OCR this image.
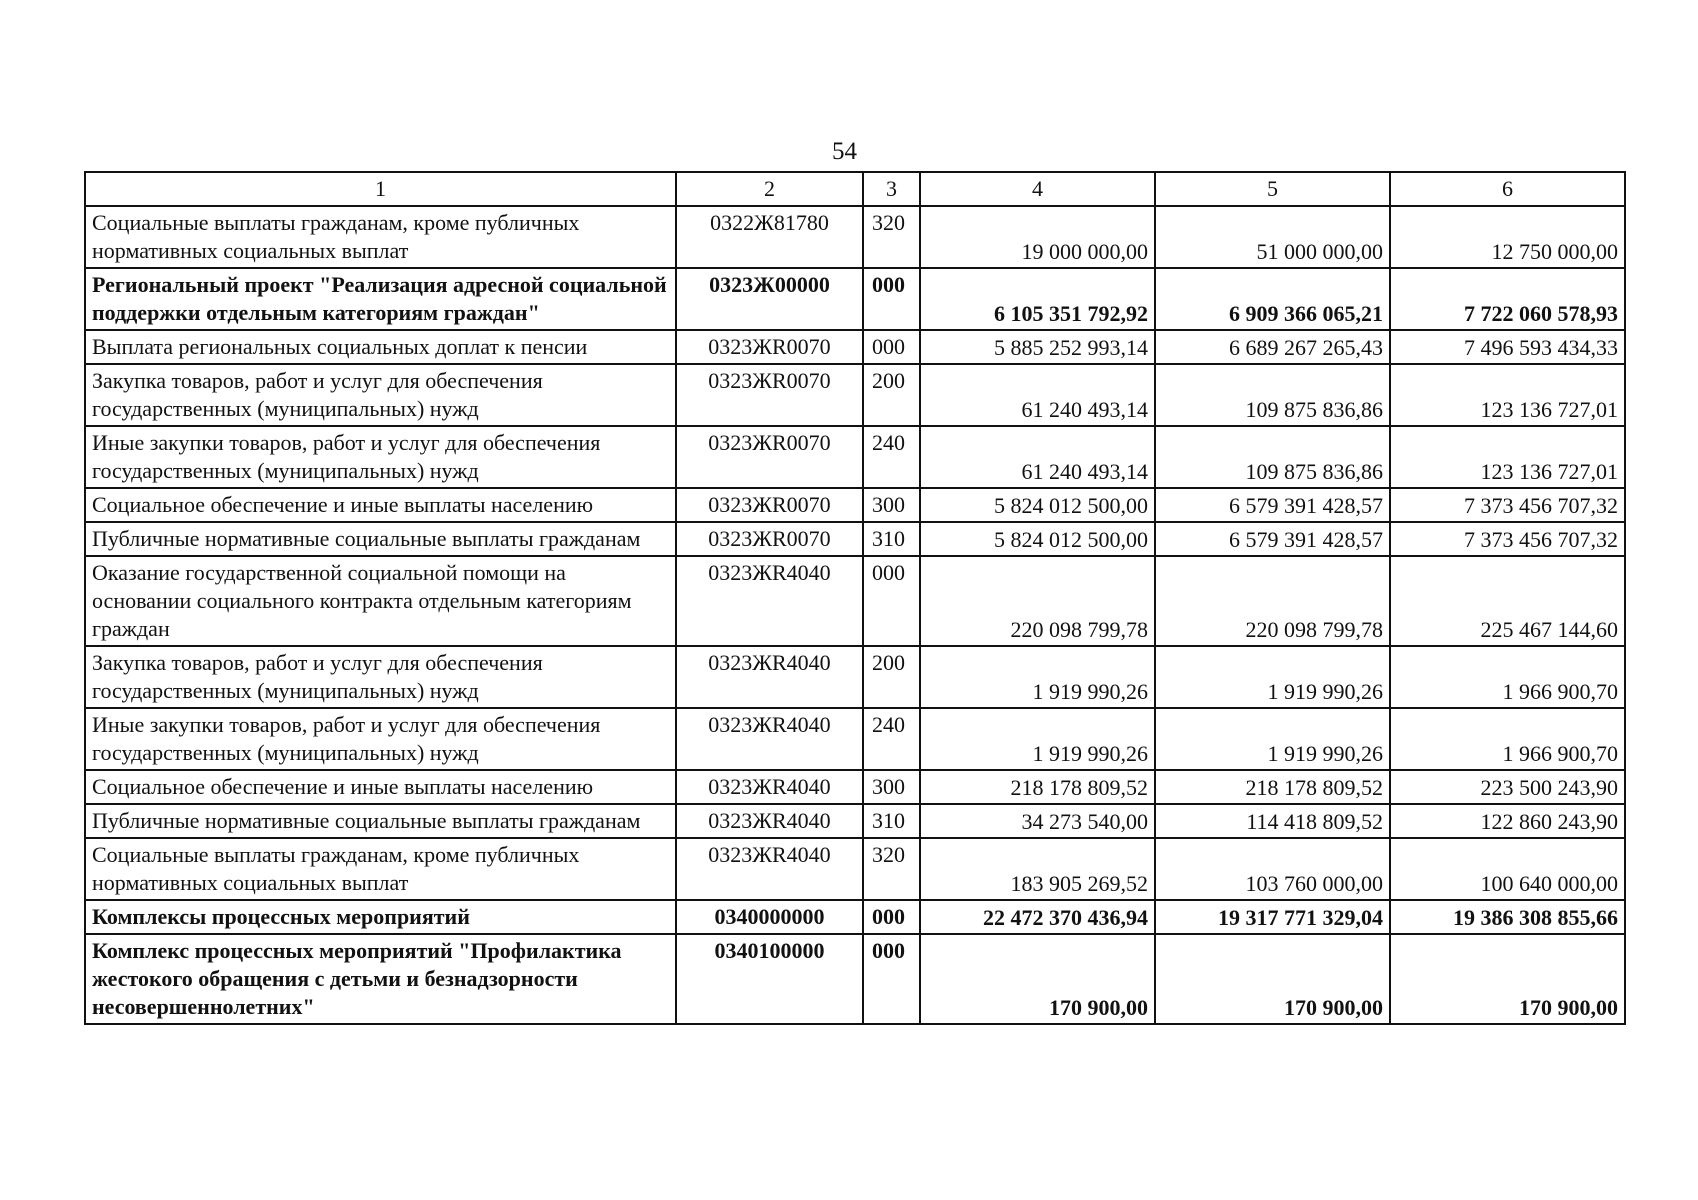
54
1	2	3	4	5	6
Социальные выплаты гражданам, кроме публичных нормативных социальных выплат	0322Ж81780	320	19 000 000,00	51 000 000,00	12 750 000,00
Региональный проект "Реализация адресной социальной поддержки отдельным категориям граждан"	0323Ж00000	000	6 105 351 792,92	6 909 366 065,21	7 722 060 578,93
Выплата региональных социальных доплат к пенсии	0323ЖR0070	000	5 885 252 993,14	6 689 267 265,43	7 496 593 434,33
Закупка товаров, работ и услуг для обеспечения государственных (муниципальных) нужд	0323ЖR0070	200	61 240 493,14	109 875 836,86	123 136 727,01
Иные закупки товаров, работ и услуг для обеспечения государственных (муниципальных) нужд	0323ЖR0070	240	61 240 493,14	109 875 836,86	123 136 727,01
Социальное обеспечение и иные выплаты населению	0323ЖR0070	300	5 824 012 500,00	6 579 391 428,57	7 373 456 707,32
Публичные нормативные социальные выплаты гражданам	0323ЖR0070	310	5 824 012 500,00	6 579 391 428,57	7 373 456 707,32
Оказание государственной социальной помощи на основании социального контракта отдельным категориям граждан	0323ЖR4040	000	220 098 799,78	220 098 799,78	225 467 144,60
Закупка товаров, работ и услуг для обеспечения государственных (муниципальных) нужд	0323ЖR4040	200	1 919 990,26	1 919 990,26	1 966 900,70
Иные закупки товаров, работ и услуг для обеспечения государственных (муниципальных) нужд	0323ЖR4040	240	1 919 990,26	1 919 990,26	1 966 900,70
Социальное обеспечение и иные выплаты населению	0323ЖR4040	300	218 178 809,52	218 178 809,52	223 500 243,90
Публичные нормативные социальные выплаты гражданам	0323ЖR4040	310	34 273 540,00	114 418 809,52	122 860 243,90
Социальные выплаты гражданам, кроме публичных нормативных социальных выплат	0323ЖR4040	320	183 905 269,52	103 760 000,00	100 640 000,00
Комплексы процессных мероприятий	0340000000	000	22 472 370 436,94	19 317 771 329,04	19 386 308 855,66
Комплекс процессных мероприятий "Профилактика жестокого обращения с детьми и безнадзорности несовершеннолетних"	0340100000	000	170 900,00	170 900,00	170 900,00
